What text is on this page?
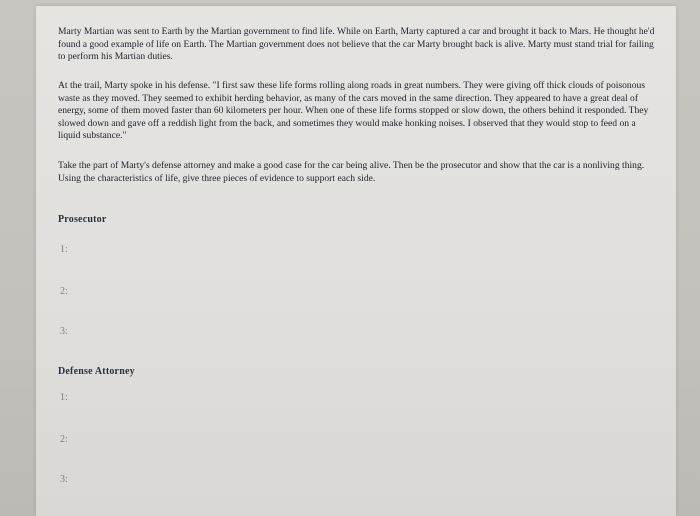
Marty Martian was sent to Earth by the Martian government to find life. While on Earth, Marty captured a car and brought it back to Mars. He thought he'd found a good example of life on Earth. The Martian government does not believe that the car Marty brought back is alive. Marty must stand trial for failing to perform his Martian duties.

At the trail, Marty spoke in his defense. "I first saw these life forms rolling along roads in great numbers. They were giving off thick clouds of poisonous waste as they moved. They seemed to exhibit herding behavior, as many of the cars moved in the same direction. They appeared to have a great deal of energy, some of them moved faster than 60 kilometers per hour. When one of these life forms stopped or slow down, the others behind it responded. They slowed down and gave off a reddish light from the back, and sometimes they would make honking noises. I observed that they would stop to feed on a liquid substance."

Take the part of Marty's defense attorney and make a good case for the car being alive. Then be the prosecutor and show that the car is a nonliving thing. Using the characteristics of life, give three pieces of evidence to support each side.

Prosecutor
1:
2:
3:
Defense Attorney
1:
2:
3:
